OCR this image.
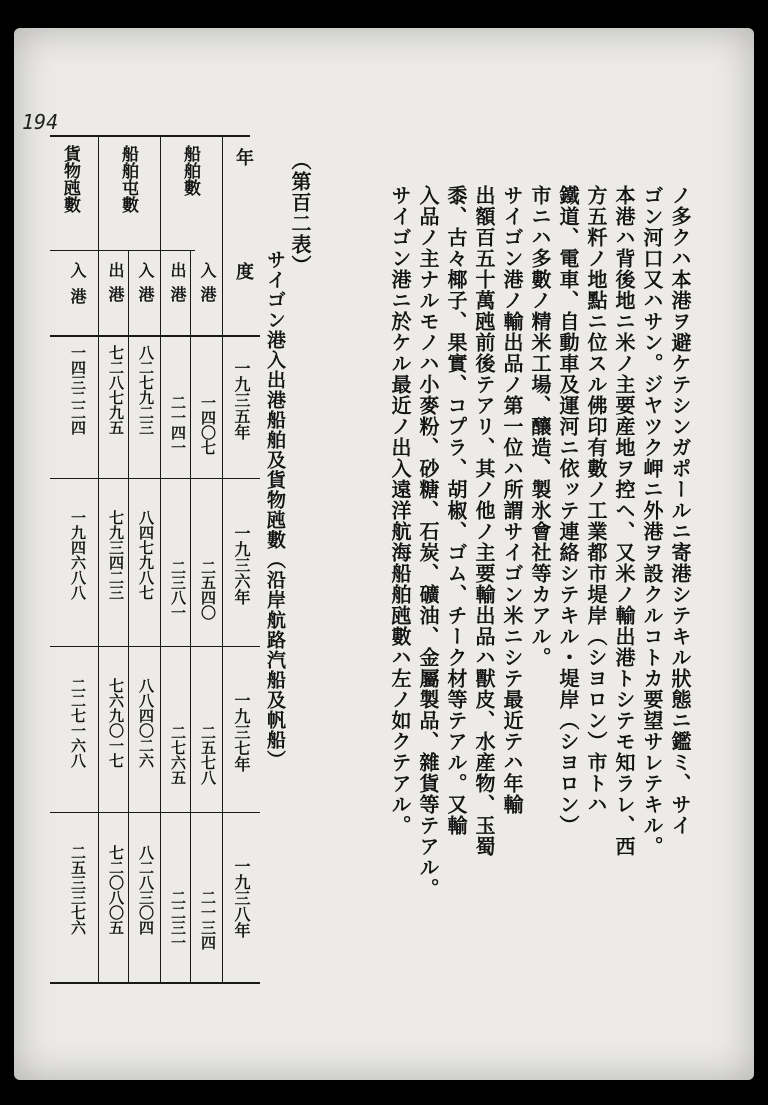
194
ノ多クハ本港ヲ避ケテシンガポールニ寄港シテキル狀態ニ鑑ミ、サイ
ゴン河口又ハサン。ジヤツク岬ニ外港ヲ設クルコトカ要望サレテキル。
本港ハ背後地ニ米ノ主要産地ヲ控ヘ、又米ノ輸出港トシテモ知ラレ、西
方五粁ノ地點ニ位スル佛印有數ノ工業都市堤岸（シヨロン）市トハ
鐵道、電車、自動車及運河ニ依ッテ連絡シテキル・堤岸（シヨロン）
市ニハ多數ノ精米工場、釀造、製氷會社等カアル。
サイゴン港ノ輸出品ノ第一位ハ所謂サイゴン米ニシテ最近テハ年輸
出額百五十萬瓲前後テアリ、其ノ他ノ主要輸出品ハ獸皮、水産物、玉蜀
黍、古々椰子、果實、コプラ、胡椒、ゴム、チーク材等テアル。又輸
入品ノ主ナルモノハ小麥粉、砂糖、石炭、礦油、金屬製品、雜貨等テアル。
サイゴン港ニ於ケル最近ノ出入遠洋航海船舶瓲數ハ左ノ如クテアル。
（第百二表）
サイゴン港入出港船舶及貨物瓲數（沿岸航路汽船及帆船）
年
度
船舶數
船舶屯數
貨物瓲數
入港
出港
入港
出港
入港
一九三五年
一四〇七
二一四一
八二七九二三
七二八七九五
一四三二二四
一九三六年
二五四〇
二三八一
八四七九八七
七九三四二三
一九四六八八
一九三七年
二五七八
二七六五
八八四〇二六
七六九〇一七
二二七一六八
一九三八年
二一三四
二二三一
八二八三〇四
七二〇八〇五
二五三三七六
